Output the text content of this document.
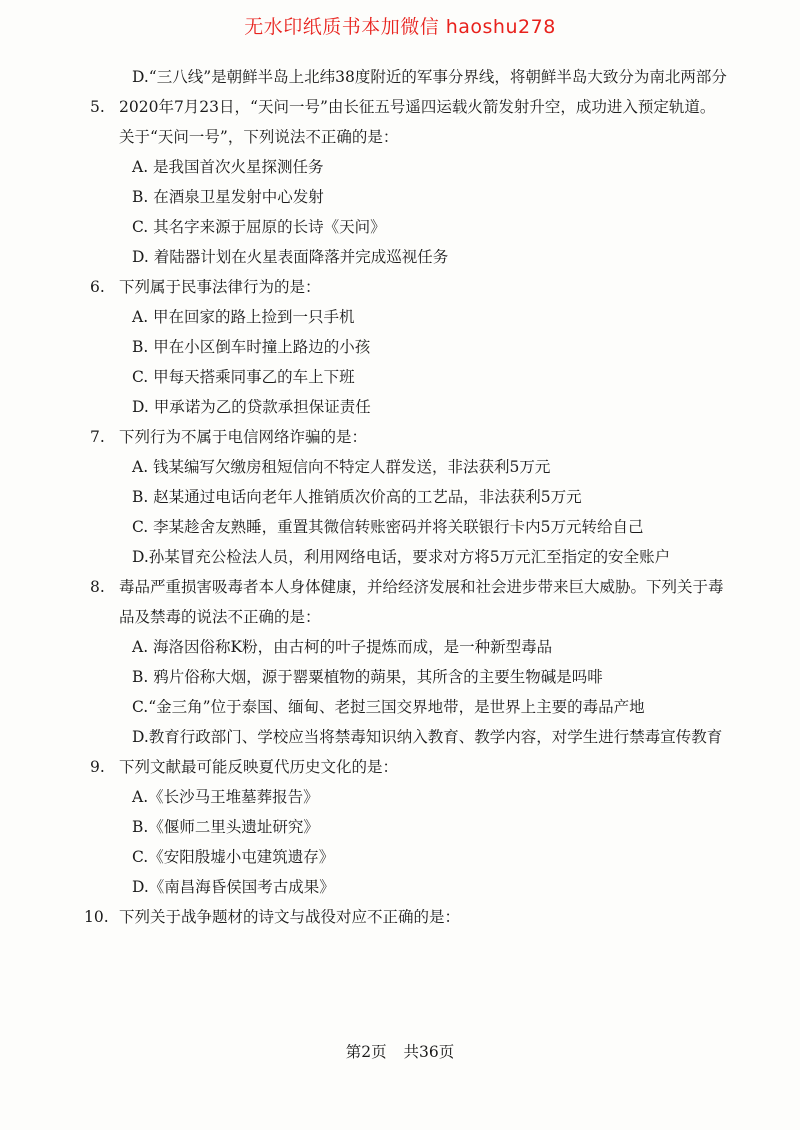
无水印纸质书本加微信 haoshu278
D.“三八线”是朝鲜半岛上北纬38度附近的军事分界线，将朝鲜半岛大致分为南北两部分
5. 2020年7月23日，“天问一号”由长征五号遥四运载火箭发射升空，成功进入预定轨道。关于“天问一号”，下列说法不正确的是：
A. 是我国首次火星探测任务
B. 在酒泉卫星发射中心发射
C. 其名字来源于屈原的长诗《天问》
D. 着陆器计划在火星表面降落并完成巡视任务
6. 下列属于民事法律行为的是：
A. 甲在回家的路上捡到一只手机
B. 甲在小区倒车时撞上路边的小孩
C. 甲每天搭乘同事乙的车上下班
D. 甲承诺为乙的贷款承担保证责任
7. 下列行为不属于电信网络诈骗的是：
A. 钱某编写欠缴房租短信向不特定人群发送，非法获利5万元
B. 赵某通过电话向老年人推销质次价高的工艺品，非法获利5万元
C. 李某趁舍友熟睡，重置其微信转账密码并将关联银行卡内5万元转给自己
D.孙某冒充公检法人员，利用网络电话，要求对方将5万元汇至指定的安全账户
8. 毒品严重损害吸毒者本人身体健康，并给经济发展和社会进步带来巨大威胁。下列关于毒品及禁毒的说法不正确的是：
A. 海洛因俗称K粉，由古柯的叶子提炼而成，是一种新型毒品
B. 鸦片俗称大烟，源于罂粟植物的蒴果，其所含的主要生物碱是吗啡
C.“金三角”位于泰国、缅甸、老挝三国交界地带，是世界上主要的毒品产地
D.教育行政部门、学校应当将禁毒知识纳入教育、教学内容，对学生进行禁毒宣传教育
9. 下列文献最可能反映夏代历史文化的是：
A.《长沙马王堆墓葬报告》
B.《偃师二里头遗址研究》
C.《安阳殷墟小屯建筑遗存》
D.《南昌海昏侯国考古成果》
10. 下列关于战争题材的诗文与战役对应不正确的是：
第2页 共36页
